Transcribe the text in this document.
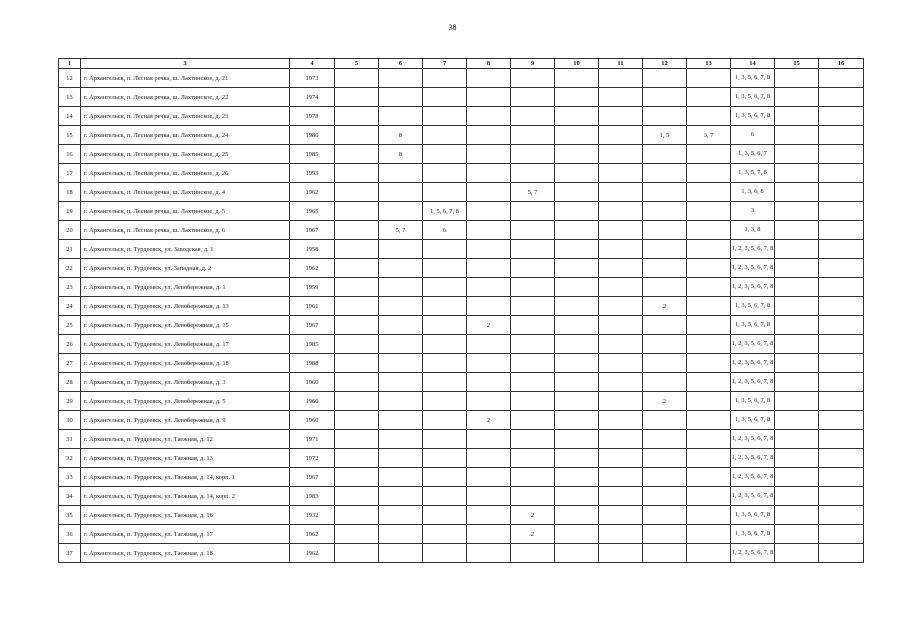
38
1	3	4	5	6	7	8	9	10	11	12	13	14	15	16
12	г. Архангельск, п. Лесная речка, ш. Лахтинское, д. 21	1973										1, 3, 5, 6, 7, 8		
13	г. Архангельск, п. Лесная речка, ш. Лахтинское, д. 22	1974										1, 3, 5, 6, 7, 8		
14	г. Архангельск, п. Лесная речка, ш. Лахтинское, д. 23	1978										1, 3, 5, 6, 7, 8		
15	г. Архангельск, п. Лесная речка, ш. Лахтинское, д. 24	1980		8						1, 5	3, 7	6		
16	г. Архангельск, п. Лесная речка, ш. Лахтинское, д. 25	1985		8								1, 3, 5, 6, 7		
17	г. Архангельск, п. Лесная речка, ш. Лахтинское, д. 26	1993										1, 3, 5, 7, 8		
18	г. Архангельск, п. Лесная речка, ш. Лахтинское, д. 4	1962					5, 7					1, 3, 6, 8		
19	г. Архангельск, п. Лесная речка, ш. Лахтинское, д. 5	1965			1, 5, 6, 7, 8							3		
20	г. Архангельск, п. Лесная речка, ш. Лахтинское, д. 6	1967		5, 7	6							1, 3, 8		
21	г. Архангельск, п. Турдеевск, ул. Заводская, д. 1	1958										1, 2, 3, 5, 6, 7, 8		
22	г. Архангельск, п. Турдеевск, ул. Западная, д. 2	1962										1, 2, 3, 5, 6, 7, 8		
23	г. Архангельск, п. Турдеевск, ул. Левобережная, д. 1	1959										1, 2, 3, 5, 6, 7, 8		
24	г. Архангельск, п. Турдеевск, ул. Левобережная, д. 13	1961								2		1, 3, 5, 6, 7, 8		
25	г. Архангельск, п. Турдеевск, ул. Левобережная, д. 15	1967				2						1, 3, 5, 6, 7, 8		
26	г. Архангельск, п. Турдеевск, ул. Левобережная, д. 17	1985										1, 2, 3, 5, 6, 7, 8		
27	г. Архангельск, п. Турдеевск, ул. Левобережная, д. 18	1988										1, 2, 3, 5, 6, 7, 8		
28	г. Архангельск, п. Турдеевск, ул. Левобережная, д. 3	1960										1, 2, 3, 5, 6, 7, 8		
29	г. Архангельск, п. Турдеевск, ул. Левобережная, д. 5	1960								2		1, 3, 5, 6, 7, 8		
30	г. Архангельск, п. Турдеевск, ул. Левобережная, д. 9	1960				2						1, 3, 5, 6, 7, 8		
31	г. Архангельск, п. Турдеевск, ул. Таежная, д. 12	1971										1, 2, 3, 5, 6, 7, 8		
32	г. Архангельск, п. Турдеевск, ул. Таежная, д. 13	1972										1, 2, 3, 5, 6, 7, 8		
33	г. Архангельск, п. Турдеевск, ул. Таежная, д. 14, корп. 1	1967										1, 2, 3, 5, 6, 7, 8		
34	г. Архангельск, п. Турдеевск, ул. Таежная, д. 14, корп. 2	1983										1, 2, 3, 5, 6, 7, 8		
35	г. Архангельск, п. Турдеевск, ул. Таежная, д. 16	1932					2					1, 3, 5, 6, 7, 8		
36	г. Архангельск, п. Турдеевск, ул. Таежная, д. 17	1962					2					1, 3, 5, 6, 7, 8		
37	г. Архангельск, п. Турдеевск, ул. Таежная, д. 18	1962										1, 2, 3, 5, 6, 7, 8		
